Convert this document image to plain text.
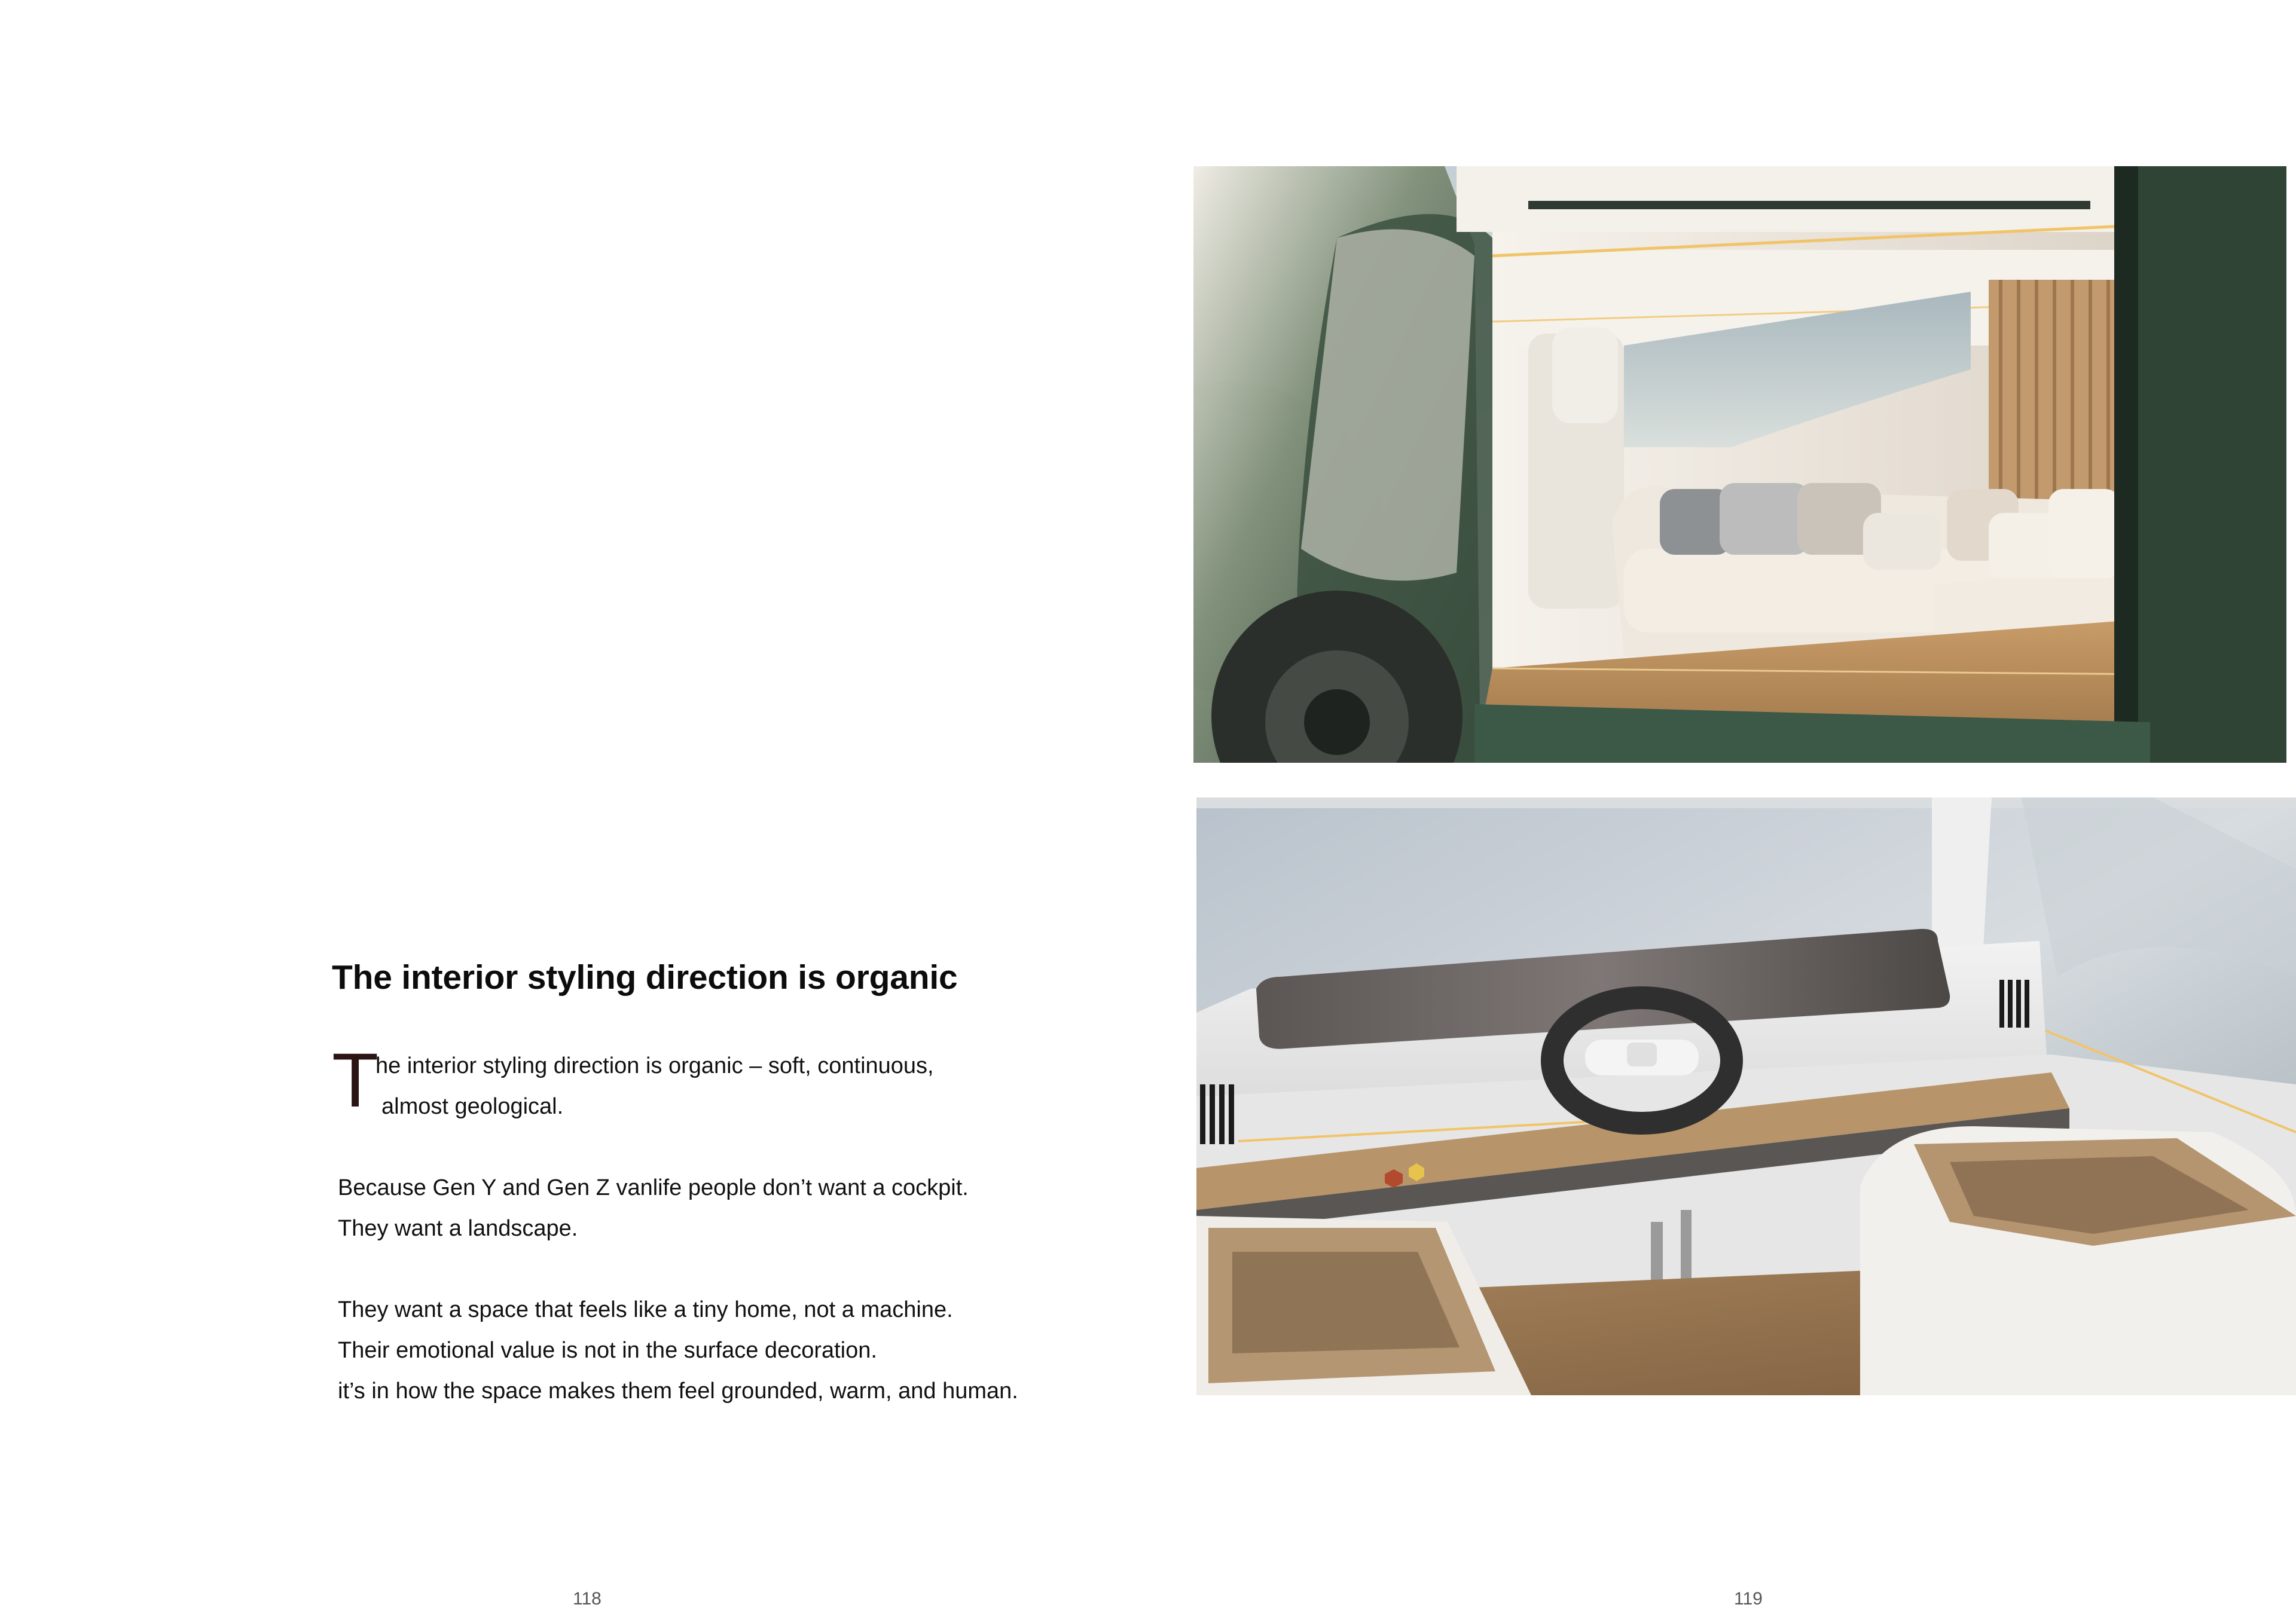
The interior styling direction is organic

T
he interior styling direction is organic – soft, continuous,
almost geological.

Because Gen Y and Gen Z vanlife people don’t want a cockpit.
They want a landscape.
They want a space that feels like a tiny home, not a machine.
Their emotional value is not in the surface decoration.
it’s in how the space makes them feel grounded, warm, and human.
118	119
